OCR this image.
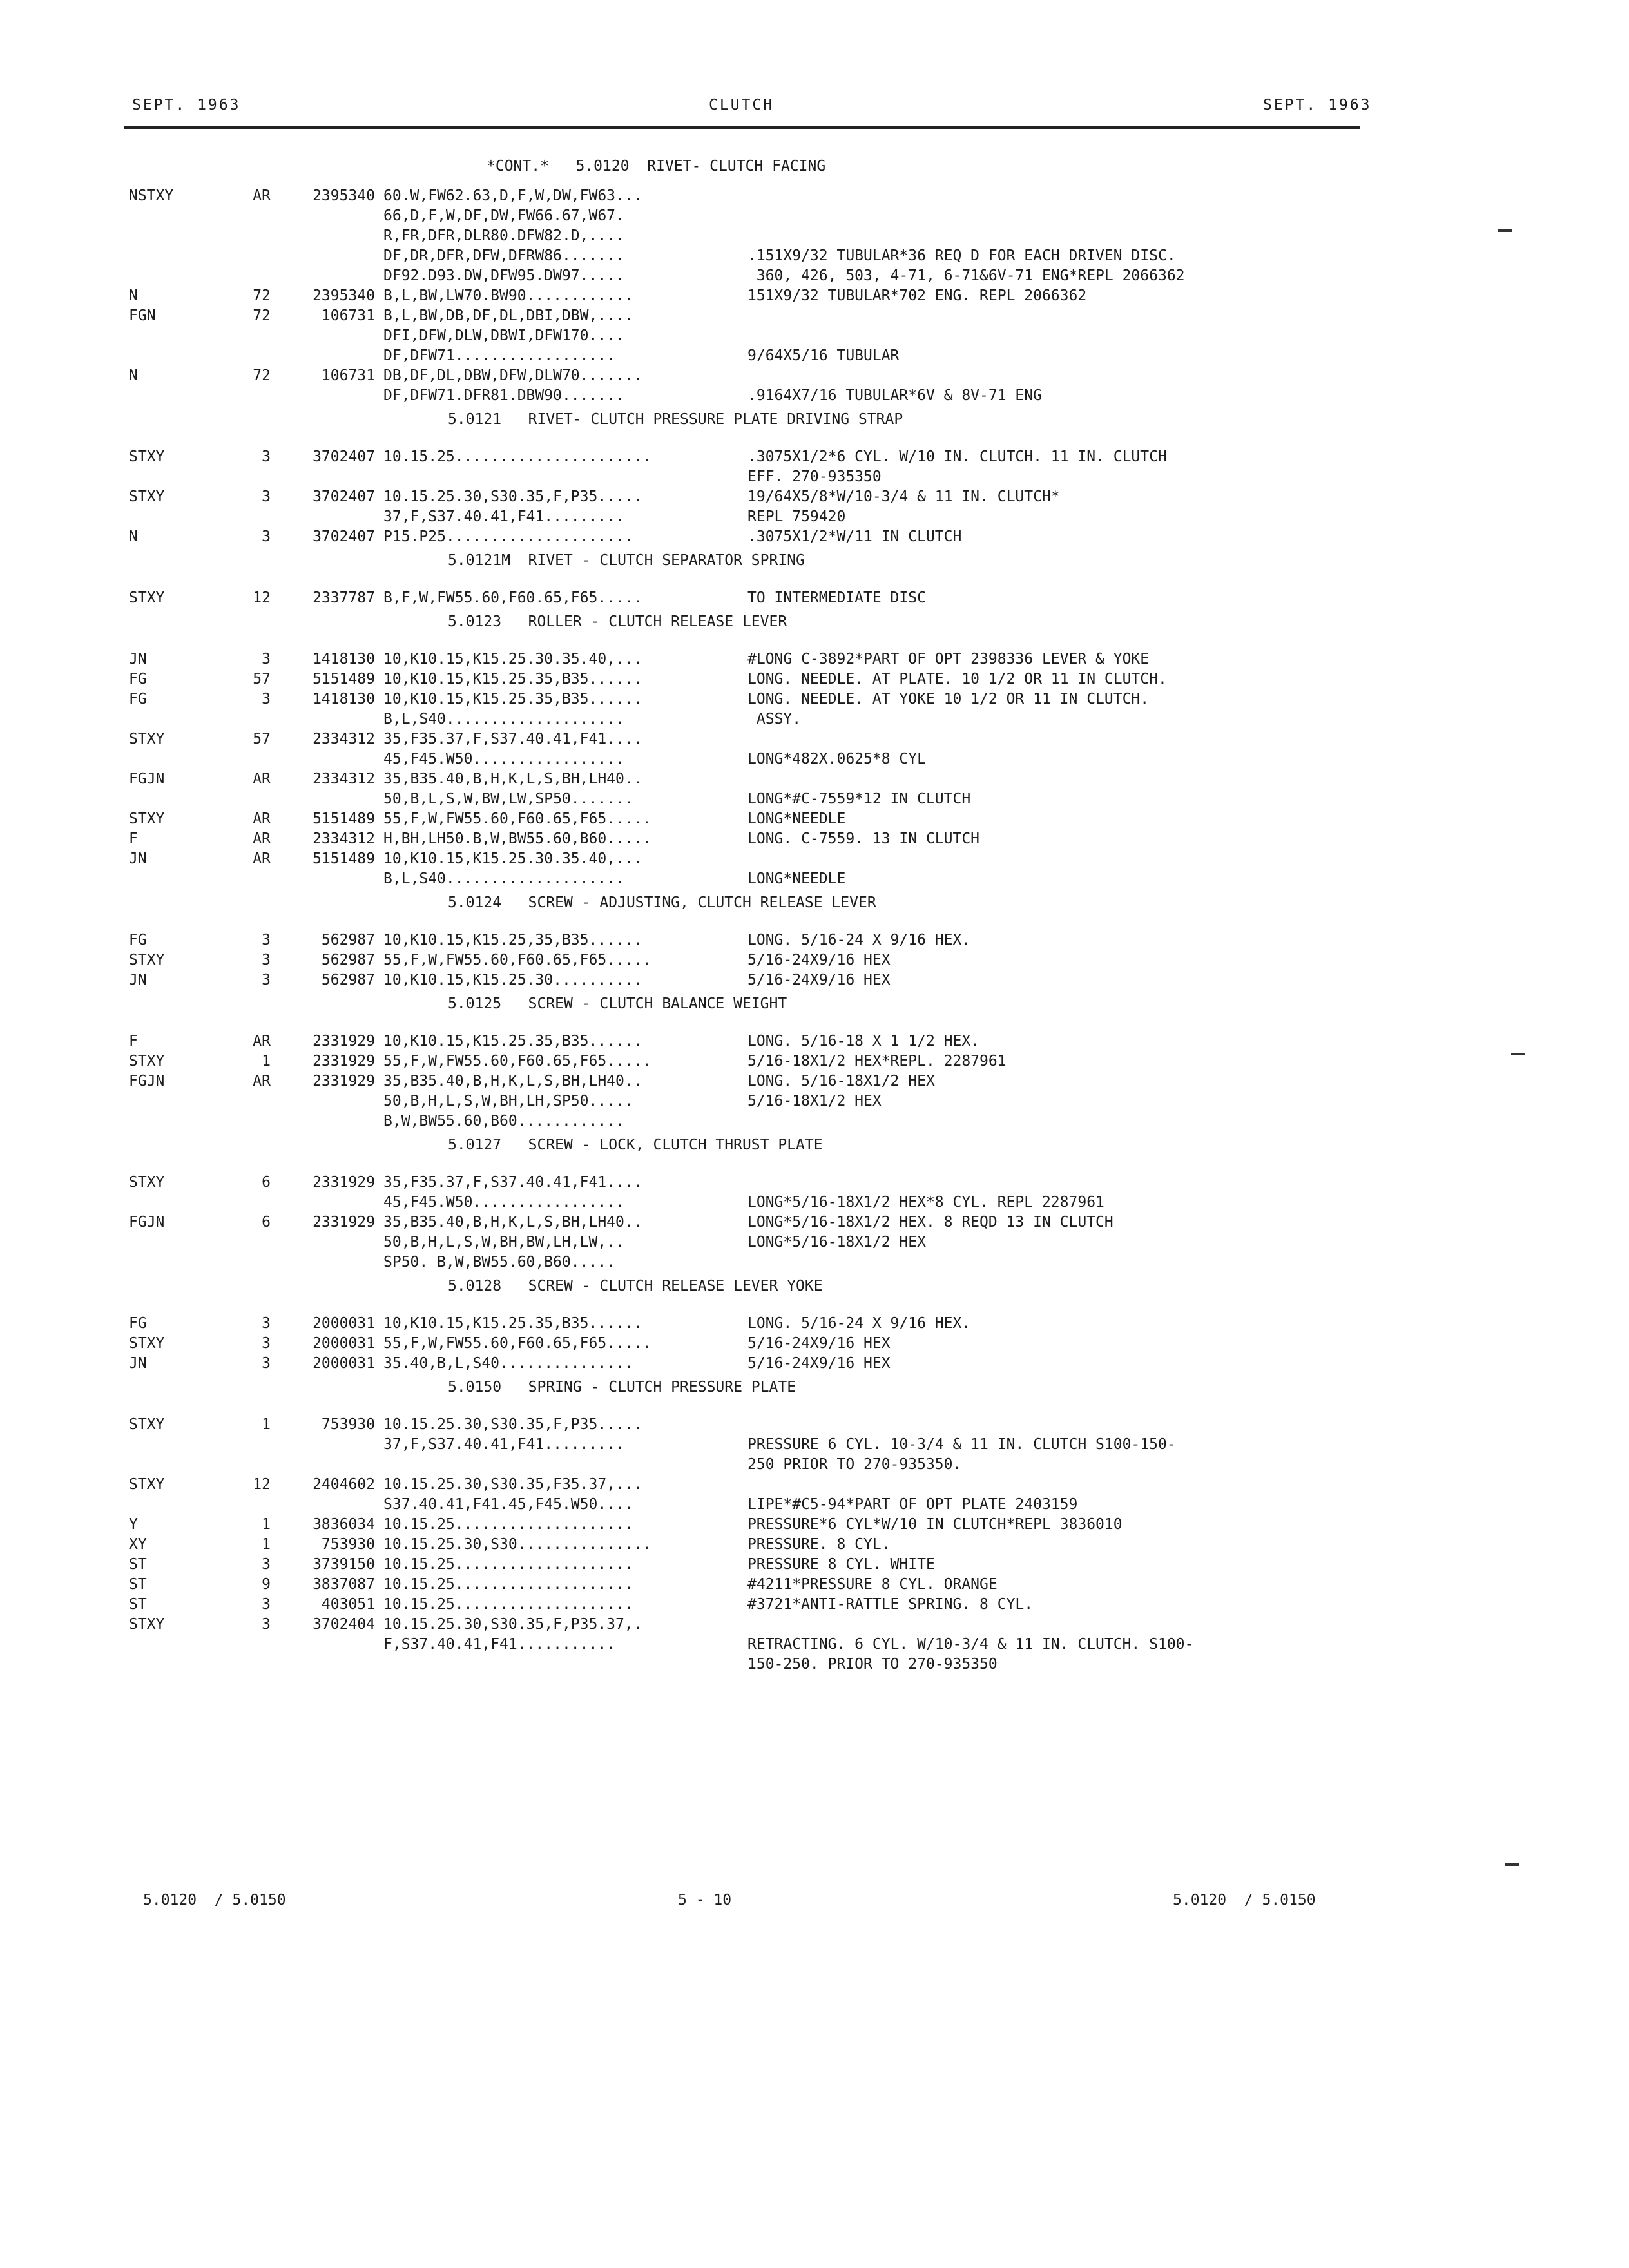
SEPT. 1963	CLUTCH	SEPT. 1963
*CONT.*   5.0120  RIVET- CLUTCH FACING
NSTXY	AR	2395340 60.W,FW62.63,D,F,W,DW,FW63...
66,D,F,W,DF,DW,FW66.67,W67.
R,FR,DFR,DLR80.DFW82.D,....
DF,DR,DFR,DFW,DFRW86.......	.151X9/32 TUBULAR*36 REQ D FOR EACH DRIVEN DISC.
DF92.D93.DW,DFW95.DW97.....	360, 426, 503, 4-71, 6-71&6V-71 ENG*REPL 2066362
N	72	2395340 B,L,BW,LW70.BW90............	151X9/32 TUBULAR*702 ENG. REPL 2066362
FGN	72	106731 B,L,BW,DB,DF,DL,DBI,DBW,....
DFI,DFW,DLW,DBWI,DFW170....
DF,DFW71..................	9/64X5/16 TUBULAR
N	72	106731 DB,DF,DL,DBW,DFW,DLW70.......
DF,DFW71.DFR81.DBW90.......	.9164X7/16 TUBULAR*6V & 8V-71 ENG
5.0121   RIVET- CLUTCH PRESSURE PLATE DRIVING STRAP
STXY	3	3702407 10.15.25......................	.3075X1/2*6 CYL. W/10 IN. CLUTCH. 11 IN. CLUTCH
EFF. 270-935350
STXY	3	3702407 10.15.25.30,S30.35,F,P35.....	19/64X5/8*W/10-3/4 & 11 IN. CLUTCH*
37,F,S37.40.41,F41.........	REPL 759420
N	3	3702407 P15.P25.....................	.3075X1/2*W/11 IN CLUTCH
5.0121M  RIVET - CLUTCH SEPARATOR SPRING
STXY	12	2337787 B,F,W,FW55.60,F60.65,F65.....	TO INTERMEDIATE DISC
5.0123   ROLLER - CLUTCH RELEASE LEVER
JN	3	1418130 10,K10.15,K15.25.30.35.40,...	#LONG C-3892*PART OF OPT 2398336 LEVER & YOKE
FG	57	5151489 10,K10.15,K15.25.35,B35......	LONG. NEEDLE. AT PLATE. 10 1/2 OR 11 IN CLUTCH.
FG	3	1418130 10,K10.15,K15.25.35,B35......	LONG. NEEDLE. AT YOKE 10 1/2 OR 11 IN CLUTCH.
B,L,S40....................	ASSY.
STXY	57	2334312 35,F35.37,F,S37.40.41,F41....
45,F45.W50.................	LONG*482X.0625*8 CYL
FGJN	AR	2334312 35,B35.40,B,H,K,L,S,BH,LH40..
50,B,L,S,W,BW,LW,SP50.......	LONG*#C-7559*12 IN CLUTCH
STXY	AR	5151489 55,F,W,FW55.60,F60.65,F65.....	LONG*NEEDLE
F	AR	2334312 H,BH,LH50.B,W,BW55.60,B60.....	LONG. C-7559. 13 IN CLUTCH
JN	AR	5151489 10,K10.15,K15.25.30.35.40,...
B,L,S40....................	LONG*NEEDLE
5.0124   SCREW - ADJUSTING, CLUTCH RELEASE LEVER
FG	3	562987 10,K10.15,K15.25,35,B35......	LONG. 5/16-24 X 9/16 HEX.
STXY	3	562987 55,F,W,FW55.60,F60.65,F65.....	5/16-24X9/16 HEX
JN	3	562987 10,K10.15,K15.25.30..........	5/16-24X9/16 HEX
5.0125   SCREW - CLUTCH BALANCE WEIGHT
F	AR	2331929 10,K10.15,K15.25.35,B35......	LONG. 5/16-18 X 1 1/2 HEX.
STXY	1	2331929 55,F,W,FW55.60,F60.65,F65.....	5/16-18X1/2 HEX*REPL. 2287961
FGJN	AR	2331929 35,B35.40,B,H,K,L,S,BH,LH40..	LONG. 5/16-18X1/2 HEX
50,B,H,L,S,W,BH,LH,SP50.....	5/16-18X1/2 HEX
B,W,BW55.60,B60............
5.0127   SCREW - LOCK, CLUTCH THRUST PLATE
STXY	6	2331929 35,F35.37,F,S37.40.41,F41....
45,F45.W50.................	LONG*5/16-18X1/2 HEX*8 CYL. REPL 2287961
FGJN	6	2331929 35,B35.40,B,H,K,L,S,BH,LH40..	LONG*5/16-18X1/2 HEX. 8 REQD 13 IN CLUTCH
50,B,H,L,S,W,BH,BW,LH,LW,..	LONG*5/16-18X1/2 HEX
SP50. B,W,BW55.60,B60.....
5.0128   SCREW - CLUTCH RELEASE LEVER YOKE
FG	3	2000031 10,K10.15,K15.25.35,B35......	LONG. 5/16-24 X 9/16 HEX.
STXY	3	2000031 55,F,W,FW55.60,F60.65,F65.....	5/16-24X9/16 HEX
JN	3	2000031 35.40,B,L,S40...............	5/16-24X9/16 HEX
5.0150   SPRING - CLUTCH PRESSURE PLATE
STXY	1	753930 10.15.25.30,S30.35,F,P35.....
37,F,S37.40.41,F41.........	PRESSURE 6 CYL. 10-3/4 & 11 IN. CLUTCH S100-150-
250 PRIOR TO 270-935350.
STXY	12	2404602 10.15.25.30,S30.35,F35.37,...
S37.40.41,F41.45,F45.W50....	LIPE*#C5-94*PART OF OPT PLATE 2403159
Y	1	3836034 10.15.25....................	PRESSURE*6 CYL*W/10 IN CLUTCH*REPL 3836010
XY	1	753930 10.15.25.30,S30...............	PRESSURE. 8 CYL.
ST	3	3739150 10.15.25....................	PRESSURE 8 CYL. WHITE
ST	9	3837087 10.15.25....................	#4211*PRESSURE 8 CYL. ORANGE
ST	3	403051 10.15.25....................	#3721*ANTI-RATTLE SPRING. 8 CYL.
STXY	3	3702404 10.15.25.30,S30.35,F,P35.37,.
F,S37.40.41,F41...........	RETRACTING. 6 CYL. W/10-3/4 & 11 IN. CLUTCH. S100-
150-250. PRIOR TO 270-935350
5.0120  / 5.0150	5 - 10	5.0120  / 5.0150
